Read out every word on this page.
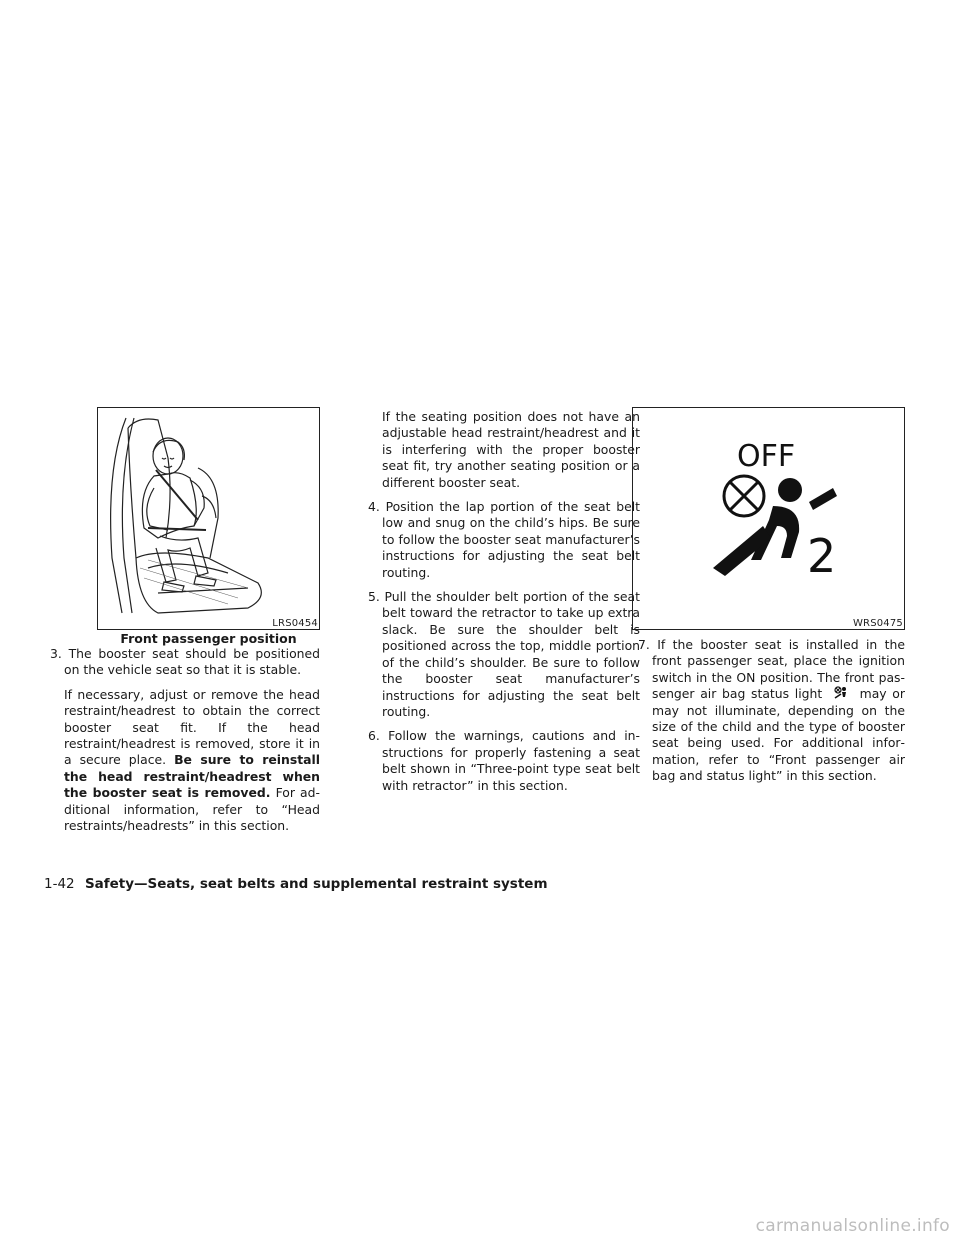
LRS0454
Front passenger position
OFF
2
WRS0475

3. The booster seat should be positioned on the vehicle seat so that it is stable.

If necessary, adjust or remove the head restraint/headrest to obtain the correct booster seat fit. If the head restraint/headrest is removed, store it in a secure place. Be sure to reinstall the head restraint/headrest when the booster seat is removed. For additional information, refer to “Head restraints/headrests” in this section.

If the seating position does not have an adjustable head restraint/headrest and it is interfering with the proper booster seat fit, try another seating position or a different booster seat.

4. Position the lap portion of the seat belt low and snug on the child’s hips. Be sure to follow the booster seat manufacturer’s instructions for adjusting the seat belt routing.

5. Pull the shoulder belt portion of the seat belt toward the retractor to take up extra slack. Be sure the shoulder belt is positioned across the top, middle portion of the child’s shoulder. Be sure to follow the booster seat manufacturer’s instructions for adjusting the seat belt routing.

6. Follow the warnings, cautions and instructions for properly fastening a seat belt shown in “Three-point type seat belt with retractor” in this section.

7. If the booster seat is installed in the front passenger seat, place the ignition switch in the ON position. The front passenger air bag status light	may or may not illuminate, depending on the size of the child and the type of booster seat being used. For additional information, refer to “Front passenger air bag and status light” in this section.

1-42 Safety—Seats, seat belts and supplemental restraint system
carmanualsonline.info
